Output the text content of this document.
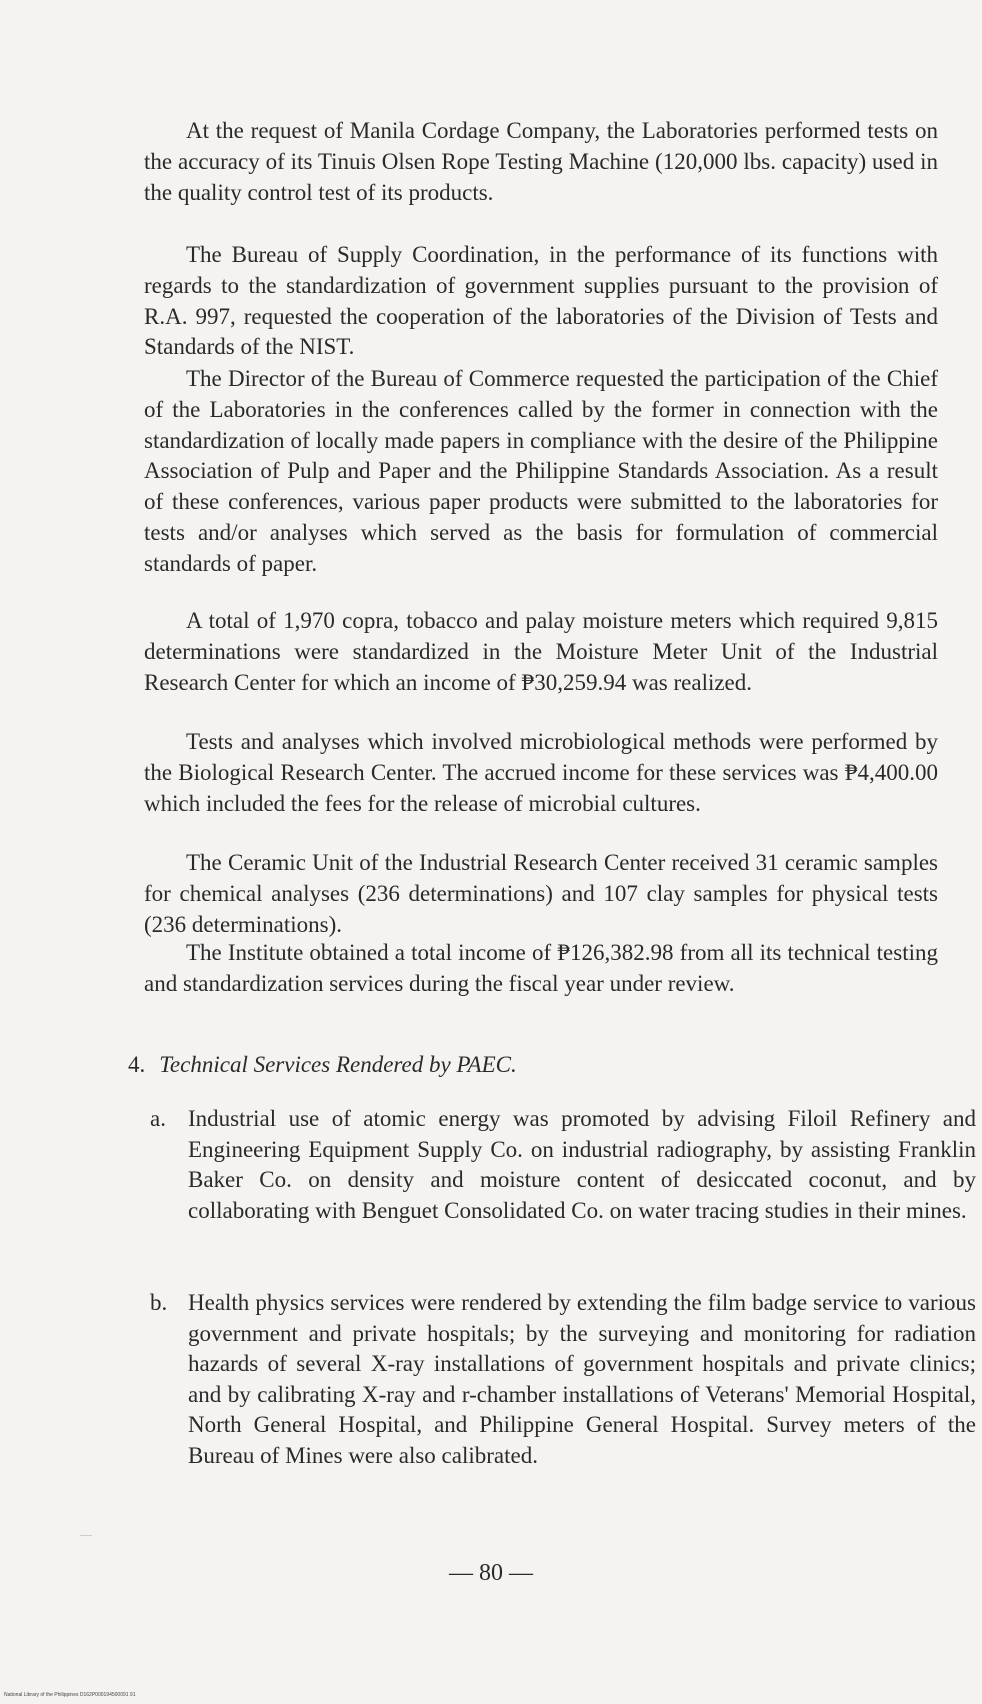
At the request of Manila Cordage Company, the Laboratories performed tests on the accuracy of its Tinuis Olsen Rope Testing Machine (120,000 lbs. capacity) used in the quality control test of its products.

The Bureau of Supply Coordination, in the performance of its functions with regards to the standardization of government supplies pursuant to the provision of R.A. 997, requested the cooperation of the laboratories of the Division of Tests and Standards of the NIST.

The Director of the Bureau of Commerce requested the participation of the Chief of the Laboratories in the conferences called by the former in connection with the standardization of locally made papers in compliance with the desire of the Philippine Association of Pulp and Paper and the Philippine Standards Association. As a result of these conferences, various paper products were submitted to the laboratories for tests and/or analyses which served as the basis for formulation of commercial standards of paper.

A total of 1,970 copra, tobacco and palay moisture meters which required 9,815 determinations were standardized in the Moisture Meter Unit of the Industrial Research Center for which an income of ₱30,259.94 was realized.

Tests and analyses which involved microbiological methods were performed by the Biological Research Center. The accrued income for these services was ₱4,400.00 which included the fees for the release of microbial cultures.

The Ceramic Unit of the Industrial Research Center received 31 ceramic samples for chemical analyses (236 determinations) and 107 clay samples for physical tests (236 determinations).

The Institute obtained a total income of ₱126,382.98 from all its technical testing and standardization services during the fiscal year under review.

4. Technical Services Rendered by PAEC.

a. Industrial use of atomic energy was promoted by advising Filoil Refinery and Engineering Equipment Supply Co. on industrial radiography, by assisting Franklin Baker Co. on density and moisture content of desiccated coconut, and by collaborating with Benguet Consolidated Co. on water tracing studies in their mines.

b. Health physics services were rendered by extending the film badge service to various government and private hospitals; by the surveying and monitoring for radiation hazards of several X-ray installations of government hospitals and private clinics; and by calibrating X-ray and r-chamber installations of Veterans' Memorial Hospital, North General Hospital, and Philippine General Hospital. Survey meters of the Bureau of Mines were also calibrated.

— 80 —

National Library of the Philippines D162P000194500091 91
